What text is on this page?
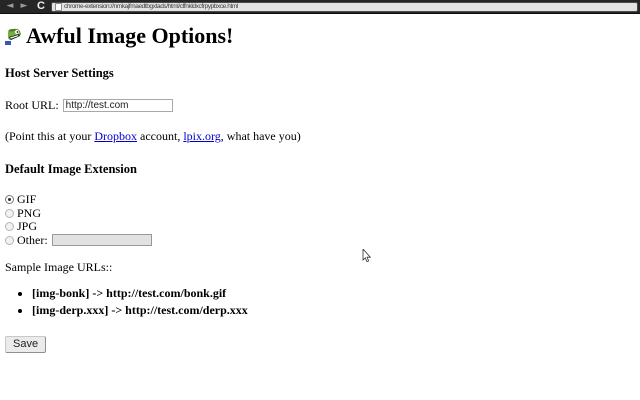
◄ ► C	chrome-extension://nmkajfmaedtbgxtads/html/cffnkldxcfrpypbxce.html
Awful Image Options!
Host Server Settings
Root URL:
http://test.com
(Point this at your Dropbox account, lpix.org, what have you)
Default Image Extension
GIF
PNG
JPG
Other:
Sample Image URLs::
• [img-bonk] -> http://test.com/bonk.gif
• [img-derp.xxx] -> http://test.com/derp.xxx
Save
